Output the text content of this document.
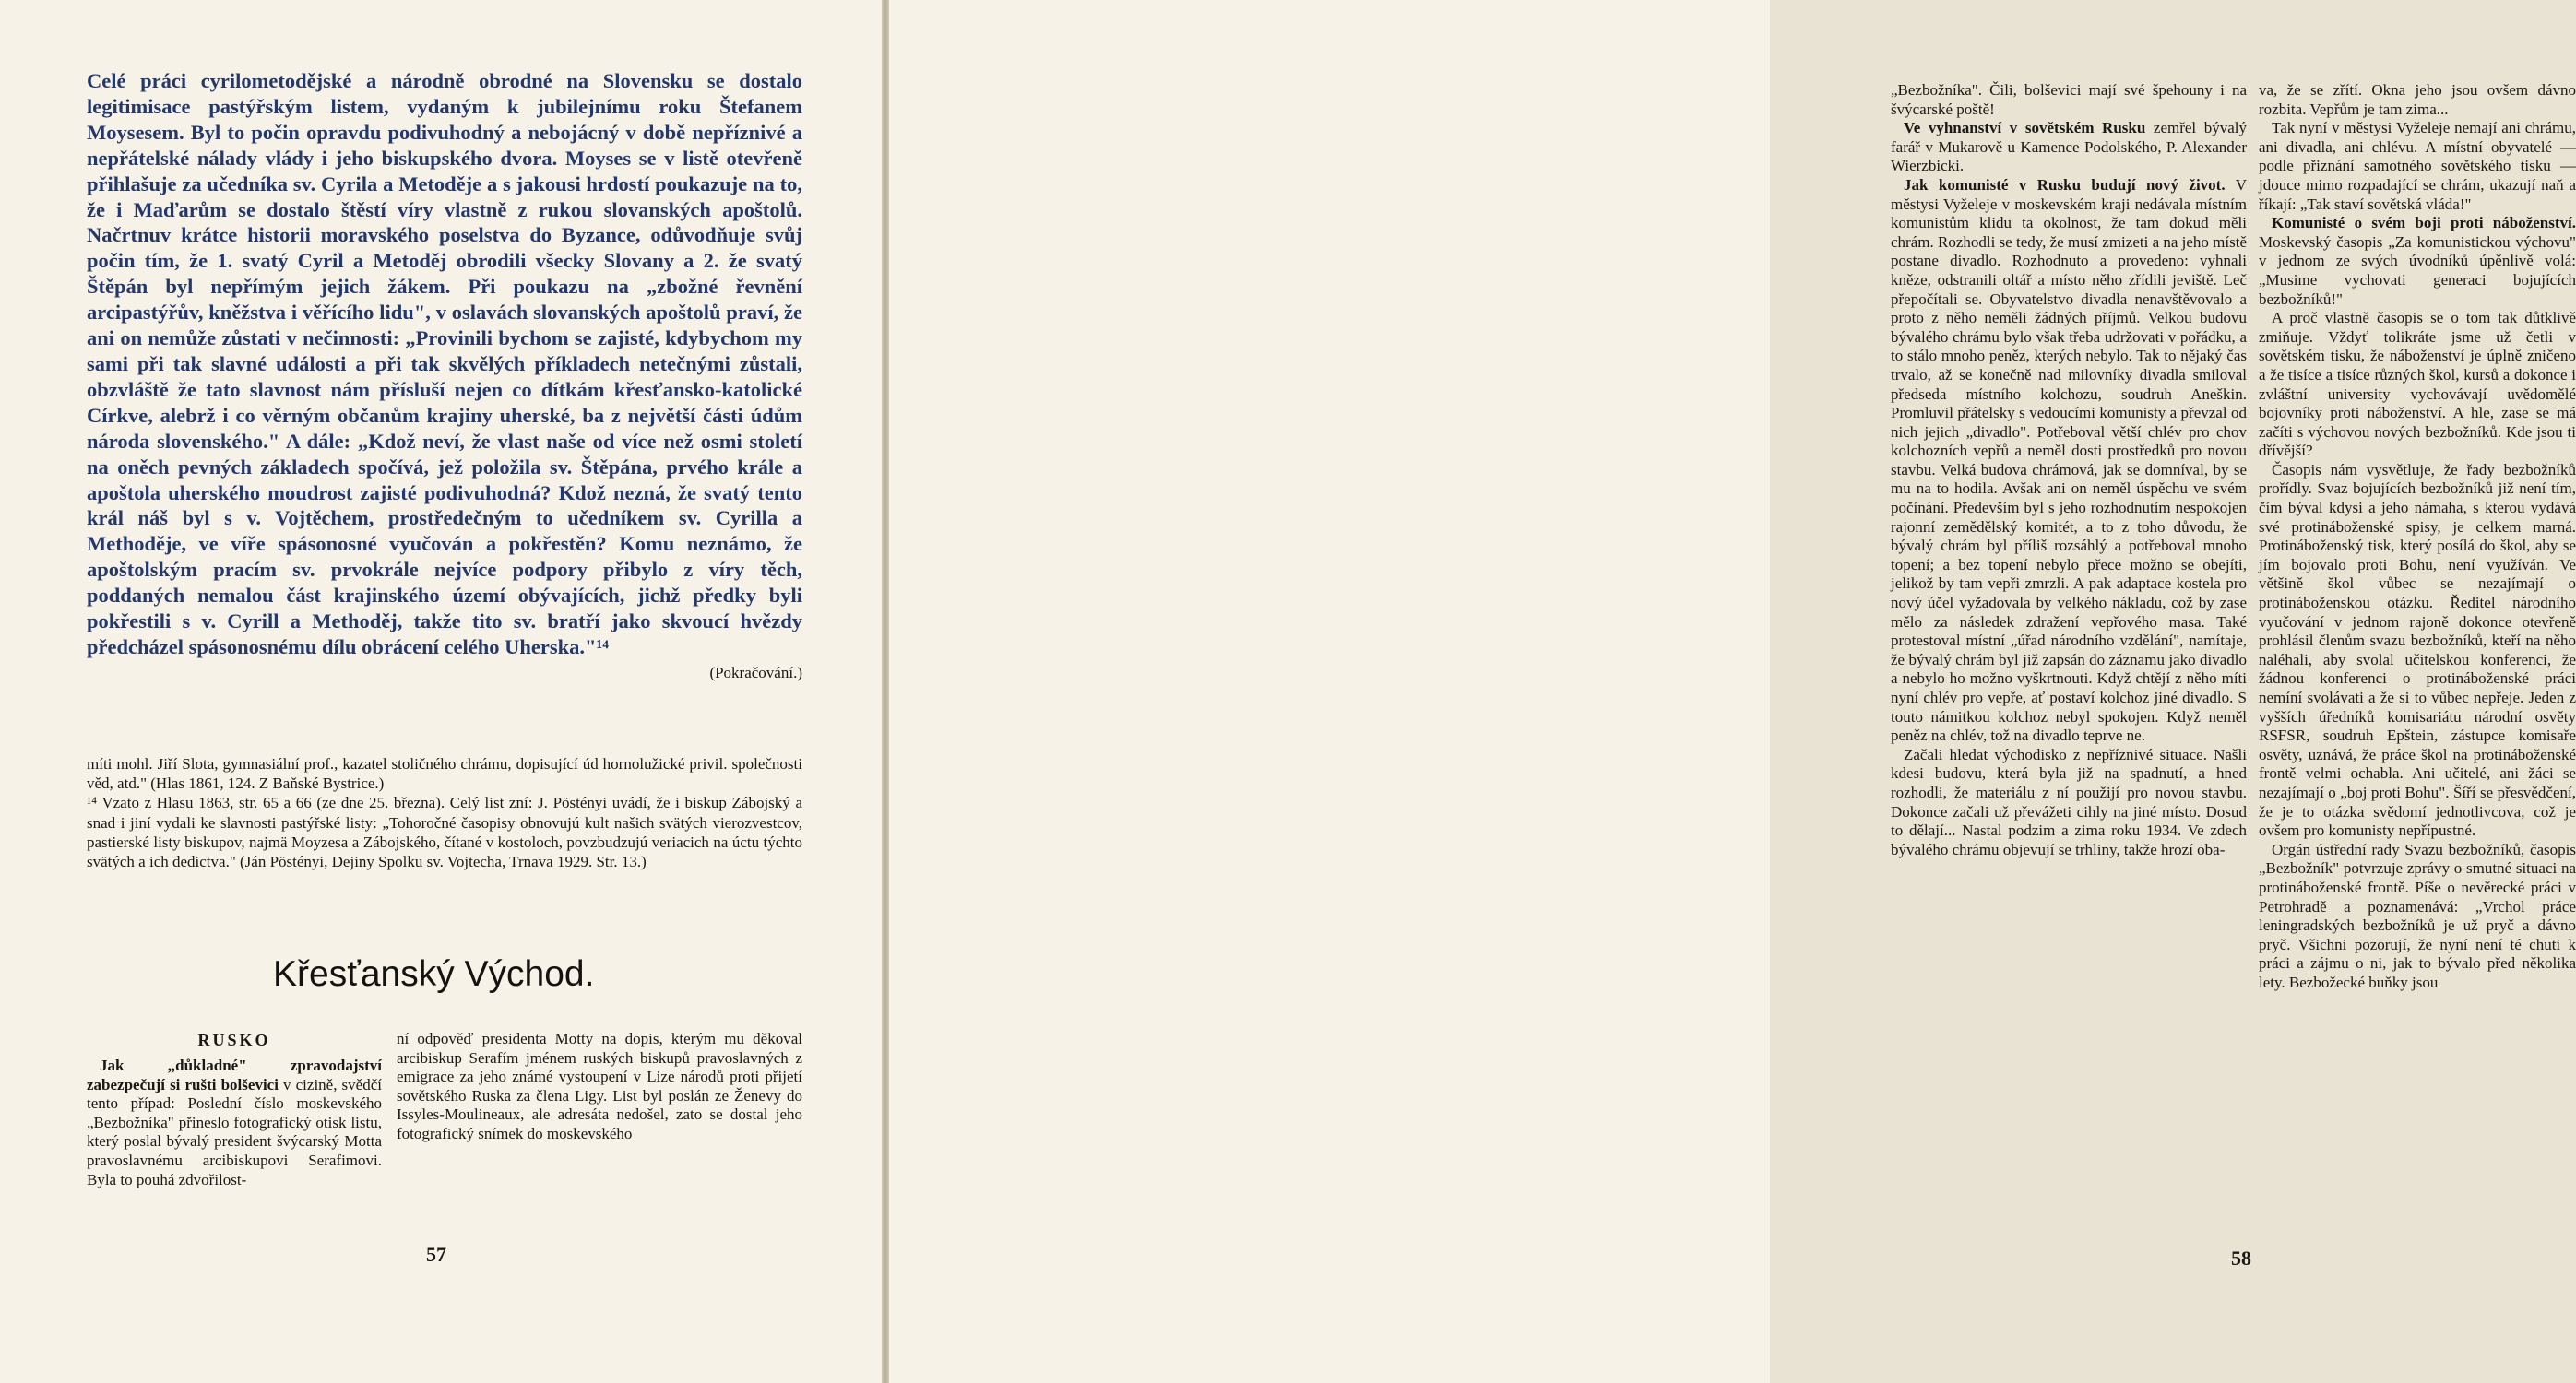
Celé práci cyrilometodějské a národně obrodné na Slovensku se dostalo legitimisace pastýřským listem, vydaným k jubilejnímu roku Štefanem Moysesem. Byl to počin opravdu podivuhodný a nebojácný v době nepříznivé a nepřátelské nálady vlády i jeho biskupského dvora. Moyses se v listě otevřeně přihlašuje za učedníka sv. Cyrila a Metoděje a s jakousi hrdostí poukazuje na to, že i Maďarům se dostalo štěstí víry vlastně z rukou slovanských apoštolů. Načrtnuv krátce historii moravského poselstva do Byzance, odůvodňuje svůj počin tím, že 1. svatý Cyril a Metoděj obrodili všecky Slovany a 2. že svatý Štěpán byl nepřímým jejich žákem. Při poukazu na „zbožné řevnění arcipastýřův, kněžstva i věřícího lidu", v oslavách slovanských apoštolů praví, že ani on nemůže zůstati v nečinnosti: „Provinili bychom se zajisté, kdybychom my sami při tak slavné události a při tak skvělých příkladech netečnými zůstali, obzvláště že tato slavnost nám přísluší nejen co dítkám křesťansko-katolické Církve, alebrž i co věrným občanům krajiny uherské, ba z největší části údům národa slovenského." A dále: „Kdož neví, že vlast naše od více než osmi století na oněch pevných základech spočívá, jež položila sv. Štěpána, prvého krále a apoštola uherského moudrost zajisté podivuhodná? Kdož nezná, že svatý tento král náš byl s v. Vojtěchem, prostředečným to učedníkem sv. Cyrilla a Methoděje, ve víře spásonosné vyučován a pokřestěn? Komu neznámo, že apoštolským pracím sv. prvokrále nejvíce podpory přibylo z víry těch, poddaných nemalou část krajinského území obývajících, jichž předky byli pokřestili s v. Cyrill a Methoděj, takže tito sv. bratří jako skvoucí hvězdy předcházel spásonosnému dílu obrácení celého Uherska."¹⁴

(Pokračování.)

míti mohl. Jiří Slota, gymnasiální prof., kazatel stoličného chrámu, dopisující úd hornolužické privil. společnosti věd, atd." (Hlas 1861, 124. Z Baňské Bystrice.)

¹⁴ Vzato z Hlasu 1863, str. 65 a 66 (ze dne 25. března). Celý list zní: J. Pöstényi uvádí, že i biskup Zábojský a snad i jiní vydali ke slavnosti pastýřské listy: „Tohoročné časopisy obnovujú kult našich svätých vierozvestcov, pastierské listy biskupov, najmä Moyzesa a Zábojského, čítané v kostoloch, povzbudzujú veriacich na úctu týchto svätých a ich dedictva." (Ján Pöstényi, Dejiny Spolku sv. Vojtecha, Trnava 1929. Str. 13.)

Křesťanský Východ.
RUSKO

Jak „důkladné" zpravodajství zabezpečují si rušti bolševici v cizině, svědčí tento případ: Poslední číslo moskevského „Bezbožníka" přineslo fotografický otisk listu, který poslal bývalý president švýcarský Motta pravoslavnému arcibiskupovi Serafimovi. Byla to pouhá zdvořilost-

ní odpověď presidenta Motty na dopis, kterým mu děkoval arcibiskup Serafím jménem ruských biskupů pravoslavných z emigrace za jeho známé vystoupení v Lize národů proti přijetí sovětského Ruska za člena Ligy. List byl poslán ze Ženevy do Issyles-Moulineaux, ale adresáta nedošel, zato se dostal jeho fotografický snímek do moskevského

57

„Bezbožníka". Čili, bolševici mají své špehouny i na švýcarské poště!

Ve vyhnanství v sovětském Rusku zemřel bývalý farář v Mukarově u Kamence Podolského, P. Alexander Wierzbicki.

Jak komunisté v Rusku budují nový život. V městysi Vyželeje v moskevském kraji nedávala místním komunistům klidu ta okolnost, že tam dokud měli chrám. Rozhodli se tedy, že musí zmizeti a na jeho místě postane divadlo. Rozhodnuto a provedeno: vyhnali kněze, odstranili oltář a místo něho zřídili jeviště. Leč přepočítali se. Obyvatelstvo divadla nenavštěvovalo a proto z něho neměli žádných příjmů. Velkou budovu bývalého chrámu bylo však třeba udržovati v pořádku, a to stálo mnoho peněz, kterých nebylo. Tak to nějaký čas trvalo, až se konečně nad milovníky divadla smiloval předseda místního kolchozu, soudruh Aneškin. Promluvil přátelsky s vedoucími komunisty a převzal od nich jejich „divadlo". Potřeboval větší chlév pro chov kolchozních vepřů a neměl dosti prostředků pro novou stavbu. Velká budova chrámová, jak se domníval, by se mu na to hodila. Avšak ani on neměl úspěchu ve svém počínání. Především byl s jeho rozhodnutím nespokojen rajonní zemědělský komitét, a to z toho důvodu, že bývalý chrám byl příliš rozsáhlý a potřeboval mnoho topení; a bez topení nebylo přece možno se obejíti, jelikož by tam vepři zmrzli. A pak adaptace kostela pro nový účel vyžadovala by velkého nákladu, což by zase mělo za následek zdražení vepřového masa. Také protestoval místní „úřad národního vzdělání", namítaje, že bývalý chrám byl již zapsán do záznamu jako divadlo a nebylo ho možno vyškrtnouti. Když chtějí z něho míti nyní chlév pro vepře, ať postaví kolchoz jiné divadlo. S touto námitkou kolchoz nebyl spokojen. Když neměl peněz na chlév, tož na divadlo teprve ne.

Začali hledat východisko z nepříznivé situace. Našli kdesi budovu, která byla již na spadnutí, a hned rozhodli, že materiálu z ní použijí pro novou stavbu. Dokonce začali už převážeti cihly na jiné místo. Dosud to dělají... Nastal podzim a zima roku 1934. Ve zdech bývalého chrámu objevují se trhliny, takže hrozí oba-

va, že se zřítí. Okna jeho jsou ovšem dávno rozbita. Vepřům je tam zima...

Tak nyní v městysi Vyželeje nemají ani chrámu, ani divadla, ani chlévu. A místní obyvatelé — podle přiznání samotného sovětského tisku — jdouce mimo rozpadající se chrám, ukazují naň a říkají: „Tak staví sovětská vláda!"

Komunisté o svém boji proti náboženství. Moskevský časopis „Za komunistickou výchovu" v jednom ze svých úvodníků úpěnlivě volá: „Musime vychovati generaci bojujících bezbožníků!"

A proč vlastně časopis se o tom tak důtklivě zmiňuje. Vždyť tolikráte jsme už četli v sovětském tisku, že náboženství je úplně zničeno a že tisíce a tisíce různých škol, kursů a dokonce i zvláštní university vychovávají uvědomělé bojovníky proti náboženství. A hle, zase se má začíti s výchovou nových bezbožníků. Kde jsou ti dřívější?

Časopis nám vysvětluje, že řady bezbožníků prořídly. Svaz bojujících bezbožníků již není tím, čím býval kdysi a jeho námaha, s kterou vydává své protináboženské spisy, je celkem marná. Protináboženský tisk, který posílá do škol, aby se jím bojovalo proti Bohu, není využíván. Ve většině škol vůbec se nezajímají o protináboženskou otázku. Ředitel národního vyučování v jednom rajoně dokonce otevřeně prohlásil členům svazu bezbožníků, kteří na něho naléhali, aby svolal učitelskou konferenci, že žádnou konferenci o protináboženské práci nemíní svolávati a že si to vůbec nepřeje. Jeden z vyšších úředníků komisariátu národní osvěty RSFSR, soudruh Epštein, zástupce komisaře osvěty, uznává, že práce škol na protináboženské frontě velmi ochabla. Ani učitelé, ani žáci se nezajímají o „boj proti Bohu". Šíří se přesvědčení, že je to otázka svědomí jednotlivcova, což je ovšem pro komunisty nepřípustné.

Orgán ústřední rady Svazu bezbožníků, časopis „Bezbožník" potvrzuje zprávy o smutné situaci na protináboženské frontě. Píše o nevěrecké práci v Petrohradě a poznamenává: „Vrchol práce leningradských bezbožníků je už pryč a dávno pryč. Všichni pozorují, že nyní není té chuti k práci a zájmu o ni, jak to bývalo před několika lety. Bezbožecké buňky jsou

58
